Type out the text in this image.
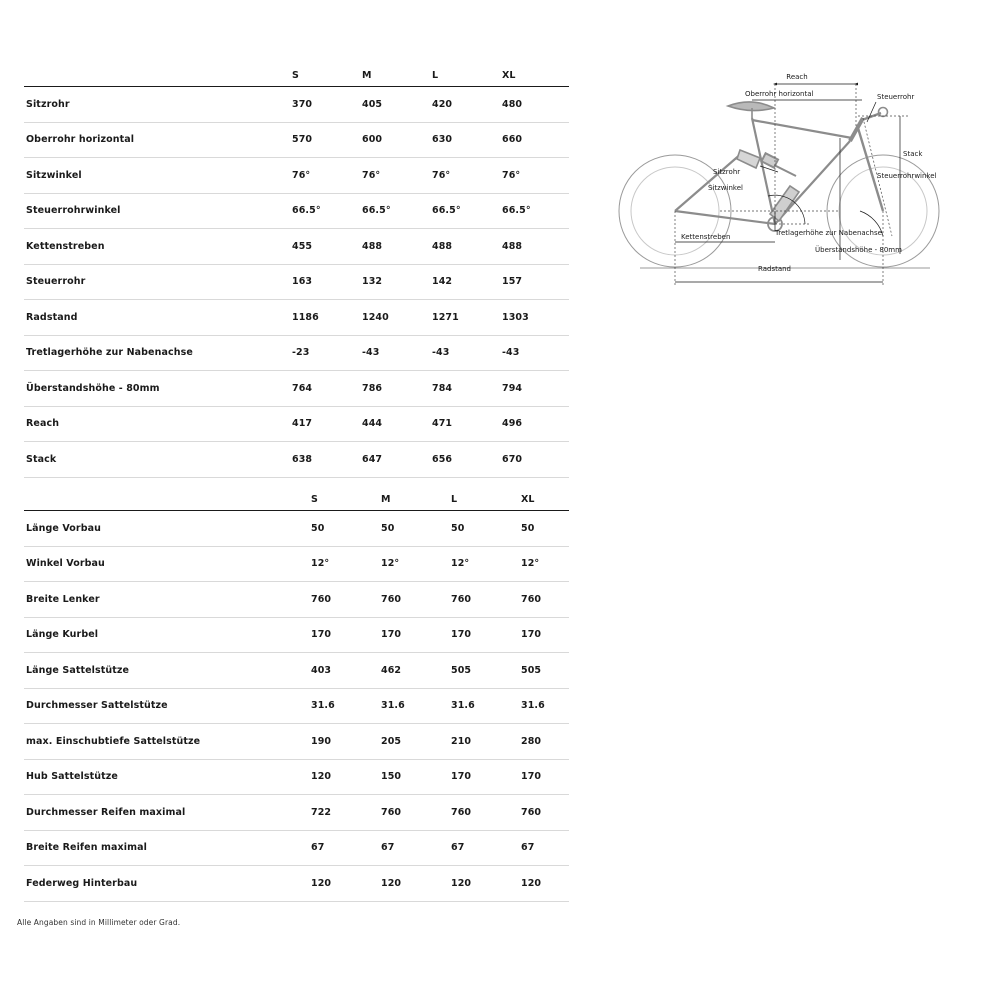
	S	M	L	XL
Sitzrohr	370	405	420	480
Oberrohr horizontal	570	600	630	660
Sitzwinkel	76°	76°	76°	76°
Steuerrohrwinkel	66.5°	66.5°	66.5°	66.5°
Kettenstreben	455	488	488	488
Steuerrohr	163	132	142	157
Radstand	1186	1240	1271	1303
Tretlagerhöhe zur Nabenachse	-23	-43	-43	-43
Überstandshöhe - 80mm	764	786	784	794
Reach	417	444	471	496
Stack	638	647	656	670
	S	M	L	XL
Länge Vorbau	50	50	50	50
Winkel Vorbau	12°	12°	12°	12°
Breite Lenker	760	760	760	760
Länge Kurbel	170	170	170	170
Länge Sattelstütze	403	462	505	505
Durchmesser Sattelstütze	31.6	31.6	31.6	31.6
max. Einschubtiefe Sattelstütze	190	205	210	280
Hub Sattelstütze	120	150	170	170
Durchmesser Reifen maximal	722	760	760	760
Breite Reifen maximal	67	67	67	67
Federweg Hinterbau	120	120	120	120
Alle Angaben sind in Millimeter oder Grad.
Reach
Oberrohr horizontal	Steuerrohr
Stack
Steuerrohrwinkel
Sitzrohr
Sitzwinkel
Kettenstreben	Tretlagerhöhe zur Nabenachse
Überstandshöhe - 80mm
Radstand
